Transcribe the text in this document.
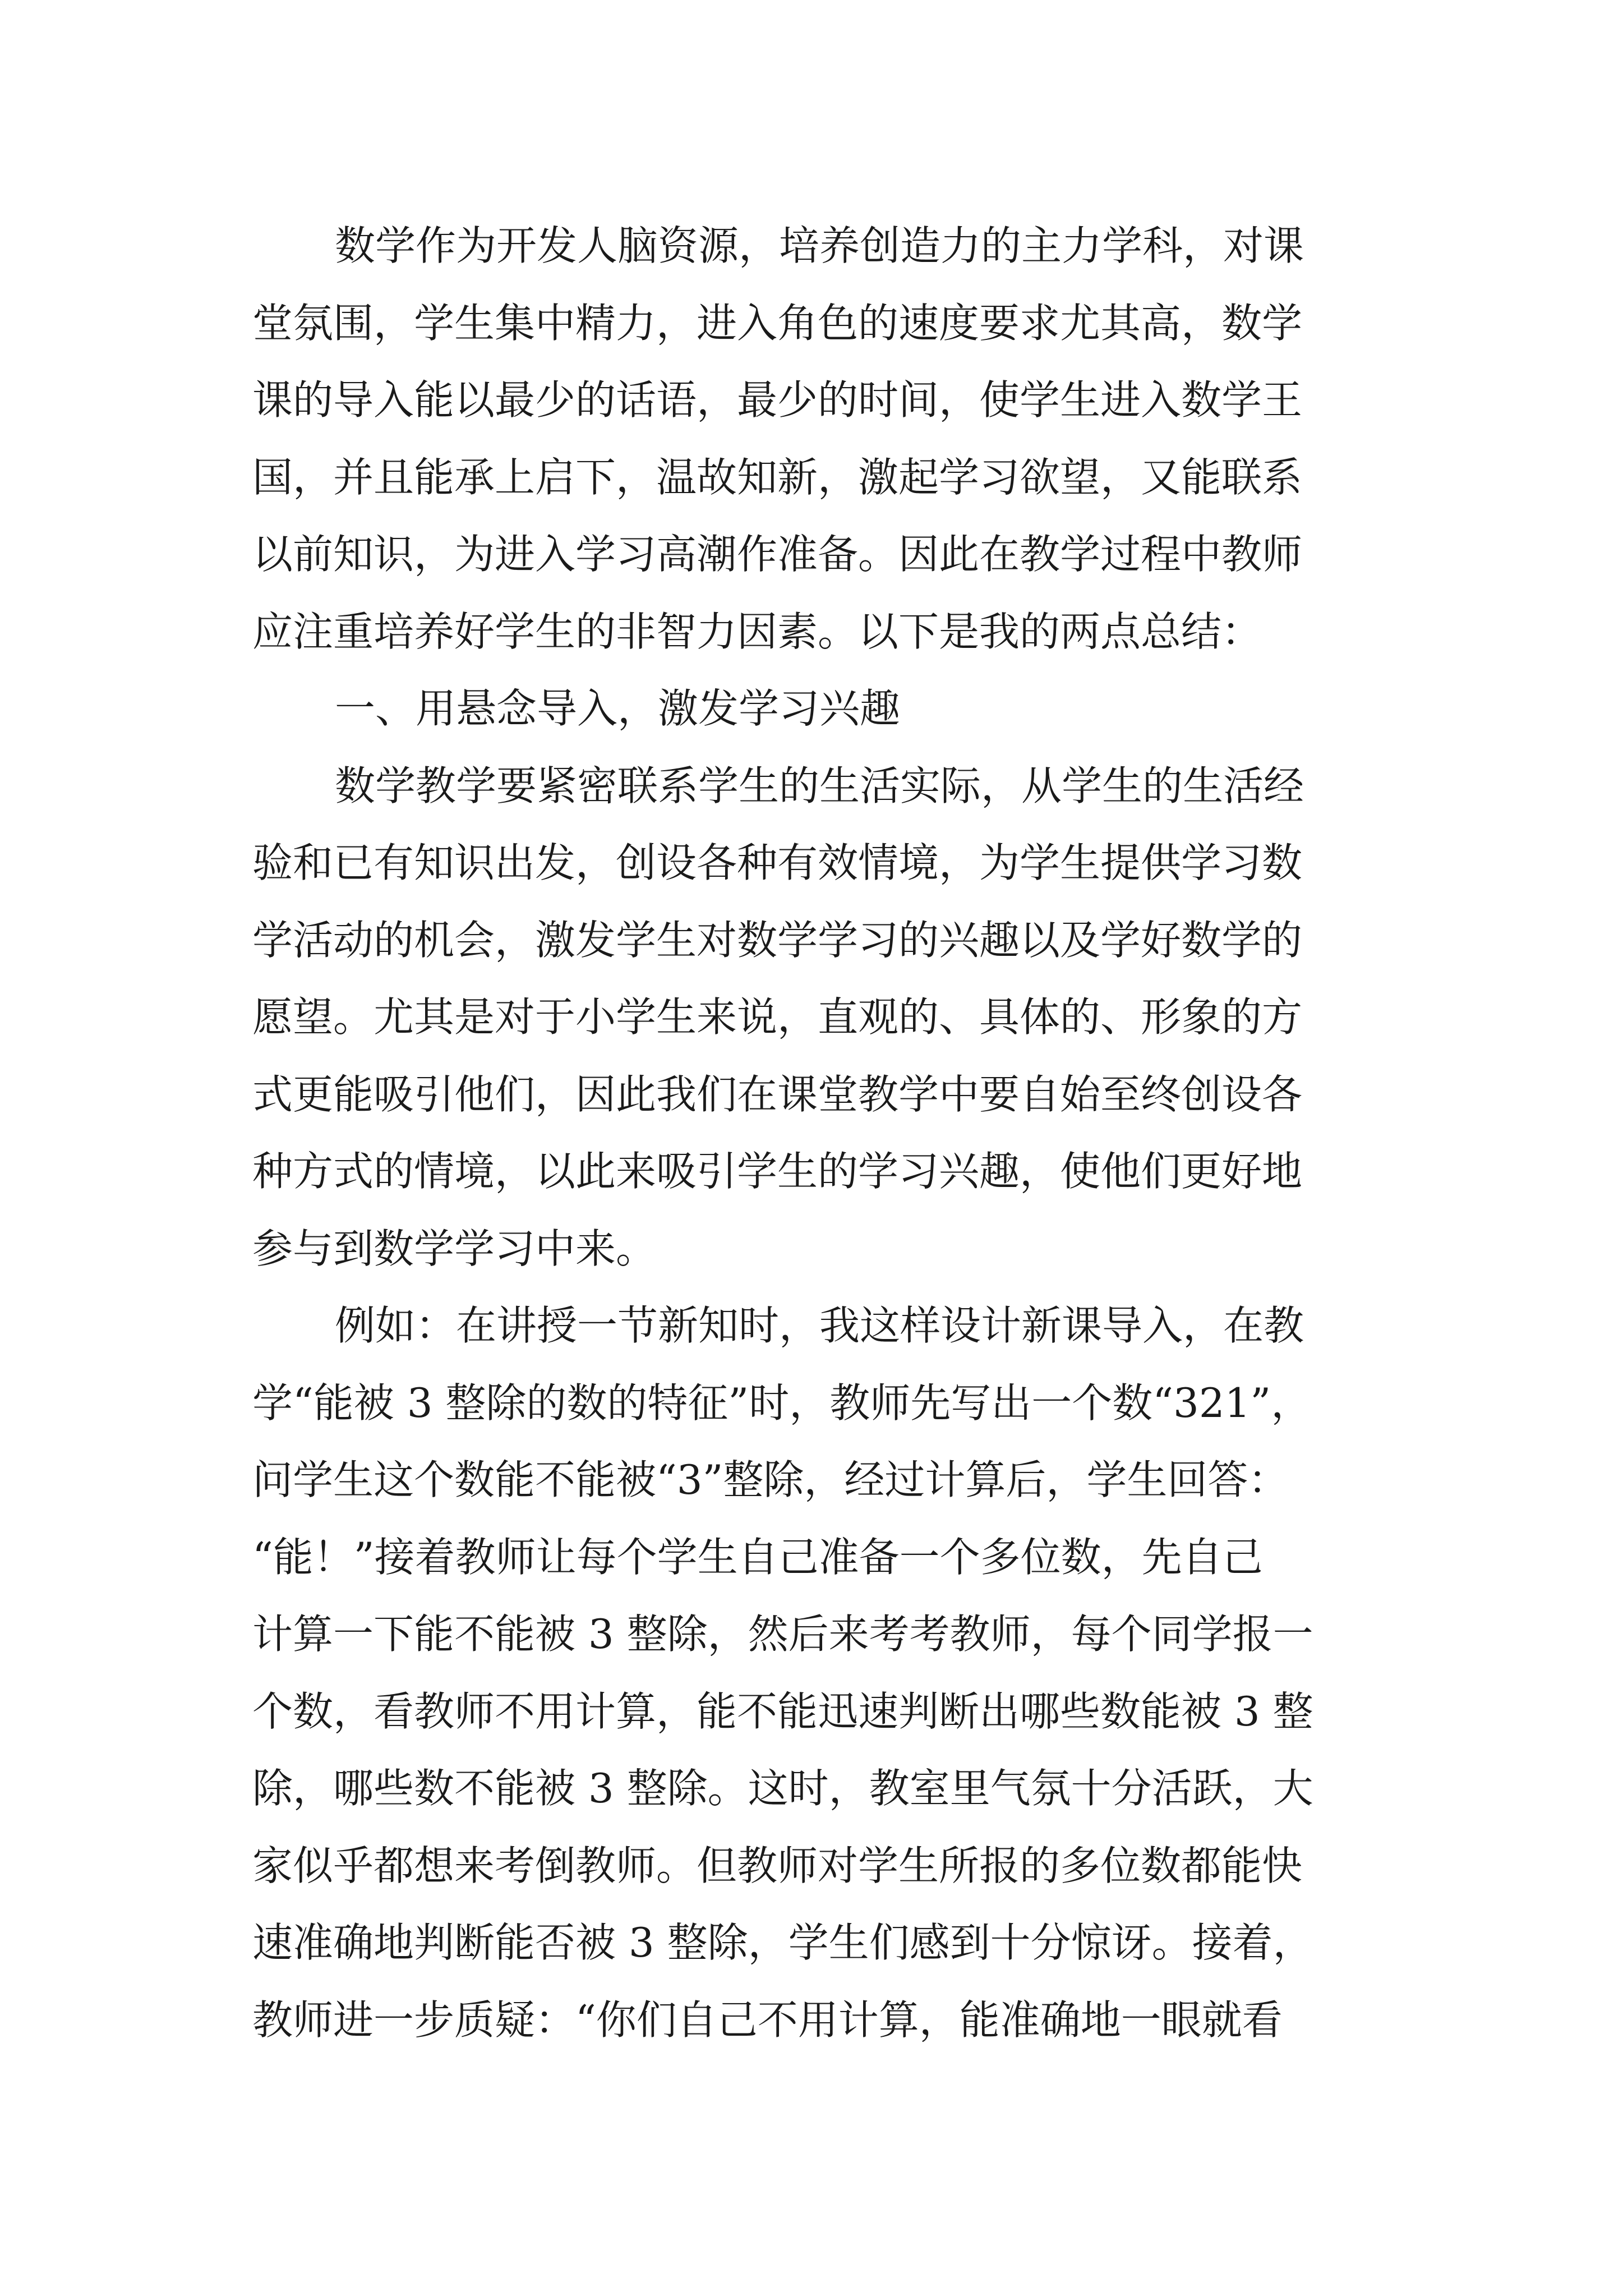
数学作为开发人脑资源，培养创造力的主力学科，对课
堂氛围，学生集中精力，进入角色的速度要求尤其高，数学
课的导入能以最少的话语，最少的时间，使学生进入数学王
国，并且能承上启下，温故知新，激起学习欲望，又能联系
以前知识，为进入学习高潮作准备。因此在教学过程中教师
应注重培养好学生的非智力因素。以下是我的两点总结：
一、用悬念导入，激发学习兴趣
数学教学要紧密联系学生的生活实际，从学生的生活经
验和已有知识出发，创设各种有效情境，为学生提供学习数
学活动的机会，激发学生对数学学习的兴趣以及学好数学的
愿望。尤其是对于小学生来说，直观的、具体的、形象的方
式更能吸引他们，因此我们在课堂教学中要自始至终创设各
种方式的情境，以此来吸引学生的学习兴趣，使他们更好地
参与到数学学习中来。
例如：在讲授一节新知时，我这样设计新课导入，在教
学“能被 3 整除的数的特征”时，教师先写出一个数“321”，
问学生这个数能不能被“3”整除，经过计算后，学生回答：
“能！”接着教师让每个学生自己准备一个多位数，先自己
计算一下能不能被 3 整除，然后来考考教师，每个同学报一
个数，看教师不用计算，能不能迅速判断出哪些数能被 3 整
除，哪些数不能被 3 整除。这时，教室里气氛十分活跃，大
家似乎都想来考倒教师。但教师对学生所报的多位数都能快
速准确地判断能否被 3 整除，学生们感到十分惊讶。接着，
教师进一步质疑：“你们自己不用计算，能准确地一眼就看
